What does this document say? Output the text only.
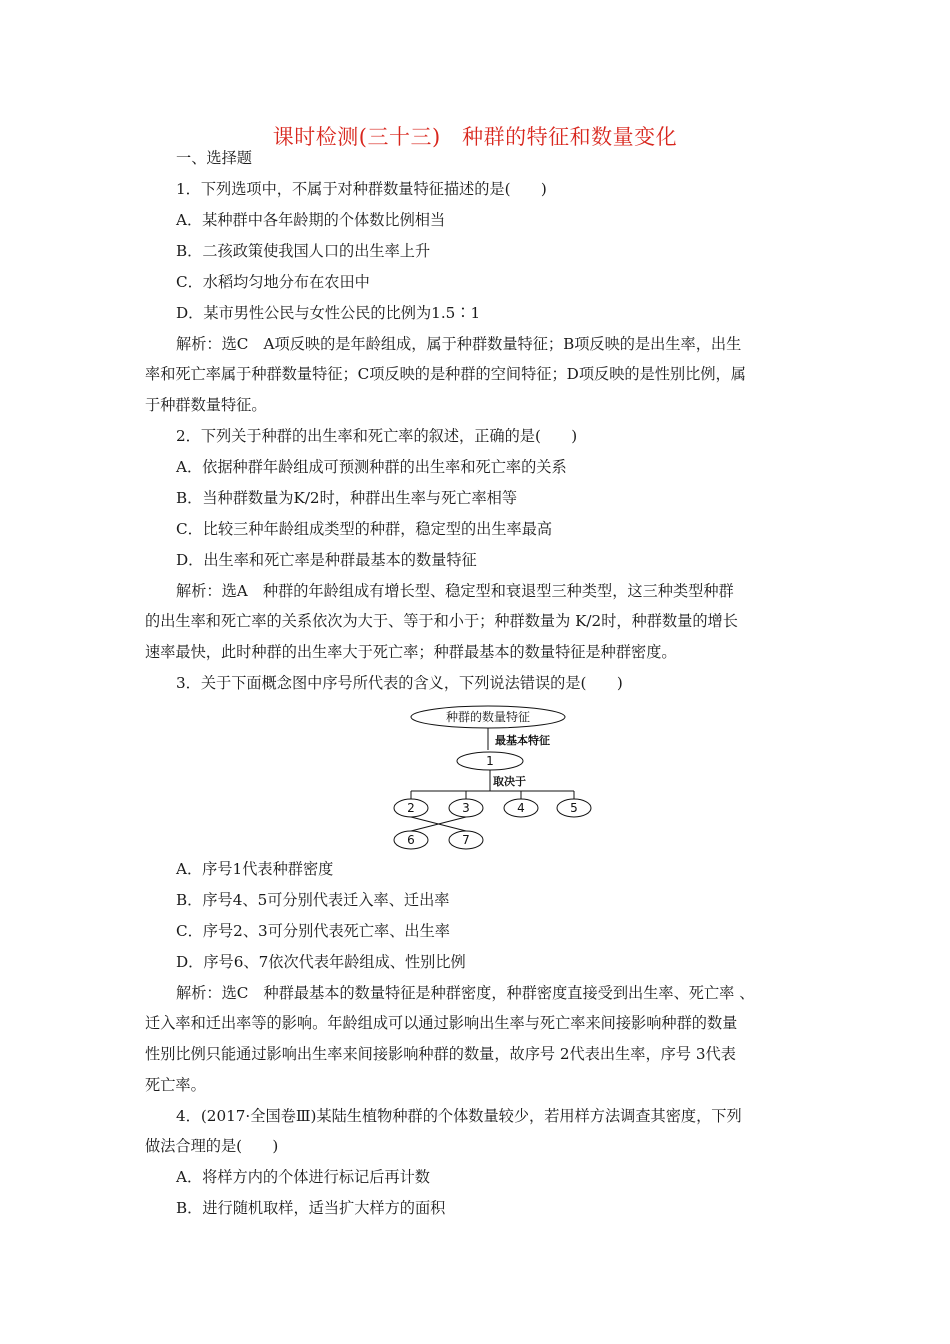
课时检测(三十三)　种群的特征和数量变化
一、选择题
1．下列选项中，不属于对种群数量特征描述的是(　　)
A．某种群中各年龄期的个体数比例相当
B．二孩政策使我国人口的出生率上升
C．水稻均匀地分布在农田中
D．某市男性公民与女性公民的比例为1.5∶1
解析：选C　A项反映的是年龄组成，属于种群数量特征；B项反映的是出生率，出生
率和死亡率属于种群数量特征；C项反映的是种群的空间特征；D项反映的是性别比例，属
于种群数量特征。
2．下列关于种群的出生率和死亡率的叙述，正确的是(　　)
A．依据种群年龄组成可预测种群的出生率和死亡率的关系
B．当种群数量为K/2时，种群出生率与死亡率相等
C．比较三种年龄组成类型的种群，稳定型的出生率最高
D．出生率和死亡率是种群最基本的数量特征
解析：选A　种群的年龄组成有增长型、稳定型和衰退型三种类型，这三种类型种群
的出生率和死亡率的关系依次为大于、等于和小于；种群数量为 K/2时，种群数量的增长
速率最快，此时种群的出生率大于死亡率；种群最基本的数量特征是种群密度。
3．关于下面概念图中序号所代表的含义，下列说法错误的是(　　)
种群的数量特征
1
2	3	4	5
6	7
最基本特征
取决于
A．序号1代表种群密度
B．序号4、5可分别代表迁入率、迁出率
C．序号2、3可分别代表死亡率、出生率
D．序号6、7依次代表年龄组成、性别比例
解析：选C　种群最基本的数量特征是种群密度，种群密度直接受到出生率、死亡率 、
迁入率和迁出率等的影响。年龄组成可以通过影响出生率与死亡率来间接影响种群的数量
性别比例只能通过影响出生率来间接影响种群的数量，故序号 2代表出生率，序号 3代表
死亡率。
4．(2017·全国卷Ⅲ)某陆生植物种群的个体数量较少，若用样方法调查其密度，下列
做法合理的是(　　)
A．将样方内的个体进行标记后再计数
B．进行随机取样，适当扩大样方的面积
